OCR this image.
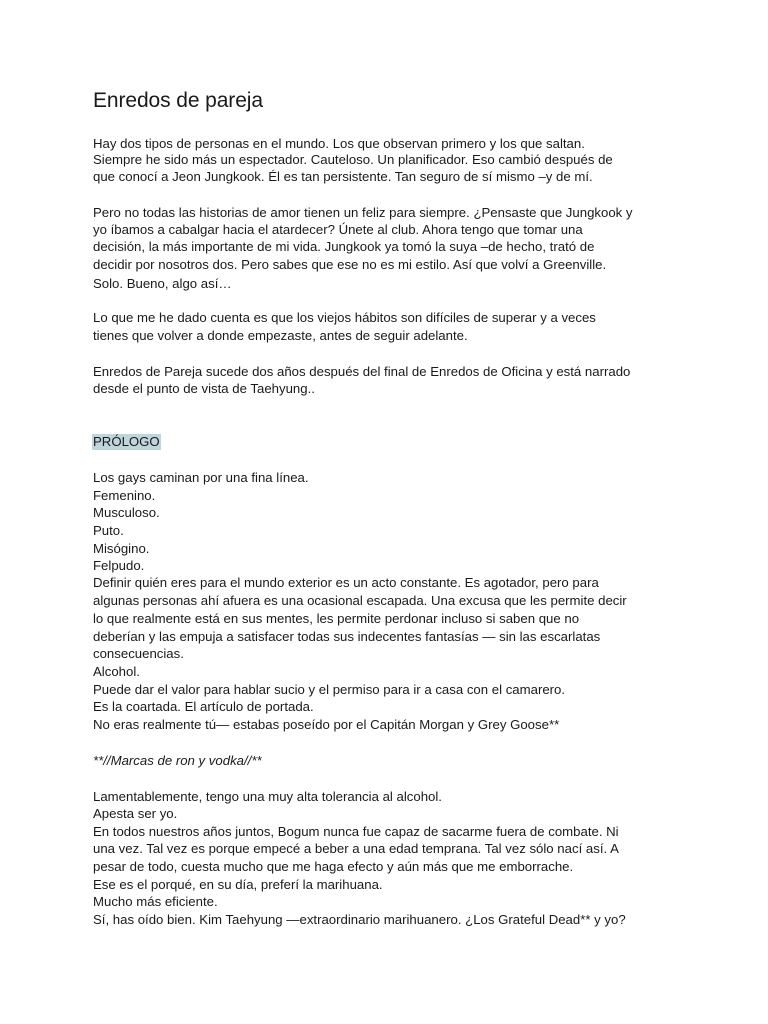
Enredos de pareja
Hay dos tipos de personas en el mundo. Los que observan primero y los que saltan.
Siempre he sido más un espectador. Cauteloso. Un planificador. Eso cambió después de
que conocí a Jeon Jungkook. Él es tan persistente. Tan seguro de sí mismo –y de mí.
Pero no todas las historias de amor tienen un feliz para siempre. ¿Pensaste que Jungkook y
yo íbamos a cabalgar hacia el atardecer? Únete al club. Ahora tengo que tomar una
decisión, la más importante de mi vida. Jungkook ya tomó la suya –de hecho, trató de
decidir por nosotros dos. Pero sabes que ese no es mi estilo. Así que volví a Greenville.
Solo. Bueno, algo así…
Lo que me he dado cuenta es que los viejos hábitos son difíciles de superar y a veces
tienes que volver a donde empezaste, antes de seguir adelante.
Enredos de Pareja sucede dos años después del final de Enredos de Oficina y está narrado
desde el punto de vista de Taehyung..
PRÓLOGO
Los gays caminan por una fina línea.
Femenino.
Musculoso.
Puto.
Misógino.
Felpudo.
Definir quién eres para el mundo exterior es un acto constante. Es agotador, pero para
algunas personas ahí afuera es una ocasional escapada. Una excusa que les permite decir
lo que realmente está en sus mentes, les permite perdonar incluso si saben que no
deberían y las empuja a satisfacer todas sus indecentes fantasías — sin las escarlatas
consecuencias.
Alcohol.
Puede dar el valor para hablar sucio y el permiso para ir a casa con el camarero.
Es la coartada. El artículo de portada.
No eras realmente tú— estabas poseído por el Capitán Morgan y Grey Goose**
**//Marcas de ron y vodka//**
Lamentablemente, tengo una muy alta tolerancia al alcohol.
Apesta ser yo.
En todos nuestros años juntos, Bogum nunca fue capaz de sacarme fuera de combate. Ni
una vez. Tal vez es porque empecé a beber a una edad temprana. Tal vez sólo nací así. A
pesar de todo, cuesta mucho que me haga efecto y aún más que me emborrache.
Ese es el porqué, en su día, preferí la marihuana.
Mucho más eficiente.
Sí, has oído bien. Kim Taehyung —extraordinario marihuanero. ¿Los Grateful Dead** y yo?
